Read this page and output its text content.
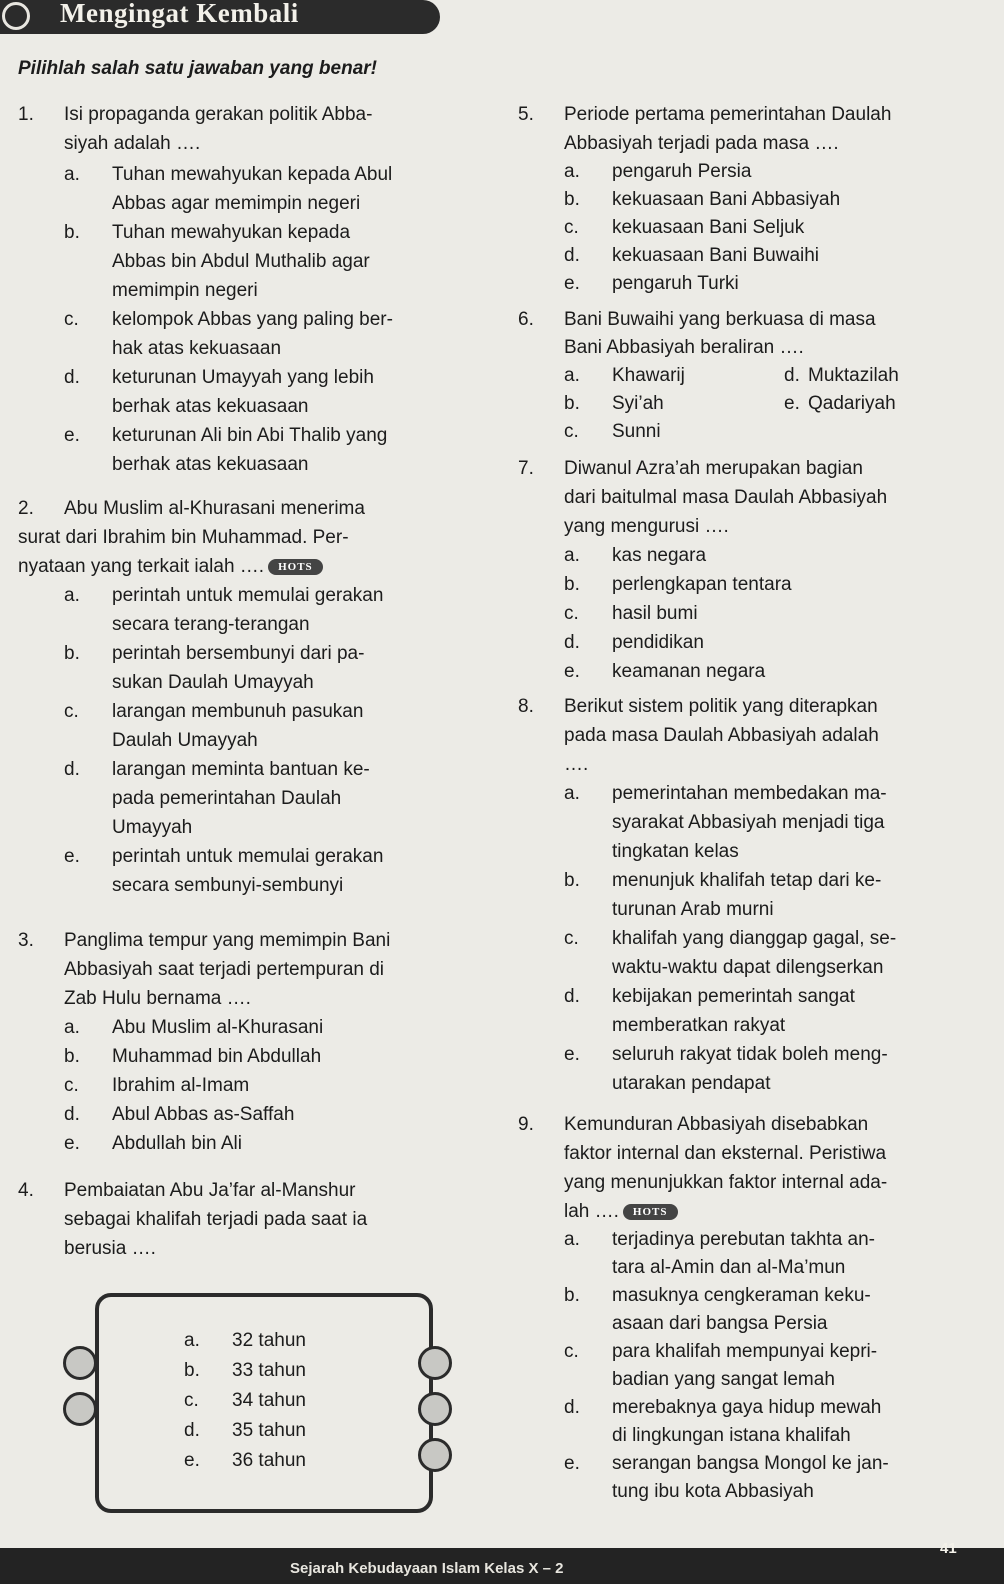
Mengingat Kembali
Pilihlah salah satu jawaban yang benar!
1. Isi propaganda gerakan politik Abba-
siyah adalah ….
a. Tuhan mewahyukan kepada Abul
Abbas agar memimpin negeri
b. Tuhan mewahyukan kepada
Abbas bin Abdul Muthalib agar
memimpin negeri
c. kelompok Abbas yang paling ber-
hak atas kekuasaan
d. keturunan Umayyah yang lebih
berhak atas kekuasaan
e. keturunan Ali bin Abi Thalib yang
berhak atas kekuasaan
2. Abu Muslim al-Khurasani menerima
surat dari Ibrahim bin Muhammad. Per-
nyataan yang terkait ialah …. HOTS
a. perintah untuk memulai gerakan
secara terang-terangan
b. perintah bersembunyi dari pa-
sukan Daulah Umayyah
c. larangan membunuh pasukan
Daulah Umayyah
d. larangan meminta bantuan ke-
pada pemerintahan Daulah
Umayyah
e. perintah untuk memulai gerakan
secara sembunyi-sembunyi
3. Panglima tempur yang memimpin Bani
Abbasiyah saat terjadi pertempuran di
Zab Hulu bernama ….
a. Abu Muslim al-Khurasani
b. Muhammad bin Abdullah
c. Ibrahim al-Imam
d. Abul Abbas as-Saffah
e. Abdullah bin Ali
4. Pembaiatan Abu Ja’far al-Manshur
sebagai khalifah terjadi pada saat ia
berusia ….
a. 32 tahun
b. 33 tahun
c. 34 tahun
d. 35 tahun
e. 36 tahun
5. Periode pertama pemerintahan Daulah
Abbasiyah terjadi pada masa ….
a. pengaruh Persia
b. kekuasaan Bani Abbasiyah
c. kekuasaan Bani Seljuk
d. kekuasaan Bani Buwaihi
e. pengaruh Turki
6. Bani Buwaihi yang berkuasa di masa
Bani Abbasiyah beraliran ….
a. Khawarij
b. Syi’ah
c. Sunni
d. Muktazilah
e. Qadariyah
7. Diwanul Azra’ah merupakan bagian
dari baitulmal masa Daulah Abbasiyah
yang mengurusi ….
a. kas negara
b. perlengkapan tentara
c. hasil bumi
d. pendidikan
e. keamanan negara
8. Berikut sistem politik yang diterapkan
pada masa Daulah Abbasiyah adalah
….
a. pemerintahan membedakan ma-
syarakat Abbasiyah menjadi tiga
tingkatan kelas
b. menunjuk khalifah tetap dari ke-
turunan Arab murni
c. khalifah yang dianggap gagal, se-
waktu-waktu dapat dilengserkan
d. kebijakan pemerintah sangat
memberatkan rakyat
e. seluruh rakyat tidak boleh meng-
utarakan pendapat
9. Kemunduran Abbasiyah disebabkan
faktor internal dan eksternal. Peristiwa
yang menunjukkan faktor internal ada-
lah …. HOTS
a. terjadinya perebutan takhta an-
tara al-Amin dan al-Ma’mun
b. masuknya cengkeraman keku-
asaan dari bangsa Persia
c. para khalifah mempunyai kepri-
badian yang sangat lemah
d. merebaknya gaya hidup mewah
di lingkungan istana khalifah
e. serangan bangsa Mongol ke jan-
tung ibu kota Abbasiyah
Sejarah Kebudayaan Islam Kelas X – 2
41
